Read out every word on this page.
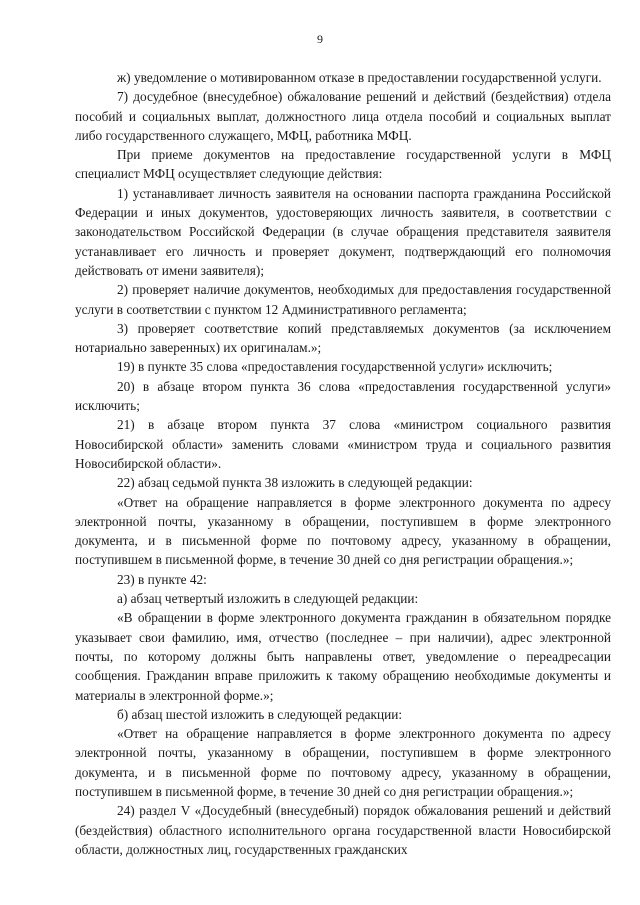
9

ж) уведомление о мотивированном отказе в предоставлении государственной услуги.

7) досудебное (внесудебное) обжалование решений и действий (бездействия) отдела пособий и социальных выплат, должностного лица отдела пособий и социальных выплат либо государственного служащего, МФЦ, работника МФЦ.

При приеме документов на предоставление государственной услуги в МФЦ специалист МФЦ осуществляет следующие действия:

1) устанавливает личность заявителя на основании паспорта гражданина Российской Федерации и иных документов, удостоверяющих личность заявителя, в соответствии с законодательством Российской Федерации (в случае обращения представителя заявителя устанавливает его личность и проверяет документ, подтверждающий его полномочия действовать от имени заявителя);

2) проверяет наличие документов, необходимых для предоставления государственной услуги в соответствии с пунктом 12 Административного регламента;

3) проверяет соответствие копий представляемых документов (за исключением нотариально заверенных) их оригиналам.»;

19) в пункте 35 слова «предоставления государственной услуги» исключить;

20) в абзаце втором пункта 36 слова «предоставления государственной услуги» исключить;

21) в абзаце втором пункта 37 слова «министром социального развития Новосибирской области» заменить словами «министром труда и социального развития Новосибирской области».

22) абзац седьмой пункта 38 изложить в следующей редакции:

«Ответ на обращение направляется в форме электронного документа по адресу электронной почты, указанному в обращении, поступившем в форме электронного документа, и в письменной форме по почтовому адресу, указанному в обращении, поступившем в письменной форме, в течение 30 дней со дня регистрации обращения.»;

23) в пункте 42:

а) абзац четвертый изложить в следующей редакции:

«В обращении в форме электронного документа гражданин в обязательном порядке указывает свои фамилию, имя, отчество (последнее – при наличии), адрес электронной почты, по которому должны быть направлены ответ, уведомление о переадресации сообщения. Гражданин вправе приложить к такому обращению необходимые документы и материалы в электронной форме.»;

б) абзац шестой изложить в следующей редакции:

«Ответ на обращение направляется в форме электронного документа по адресу электронной почты, указанному в обращении, поступившем в форме электронного документа, и в письменной форме по почтовому адресу, указанному в обращении, поступившем в письменной форме, в течение 30 дней со дня регистрации обращения.»;

24) раздел V «Досудебный (внесудебный) порядок обжалования решений и действий (бездействия) областного исполнительного органа государственной власти Новосибирской области, должностных лиц, государственных гражданских
